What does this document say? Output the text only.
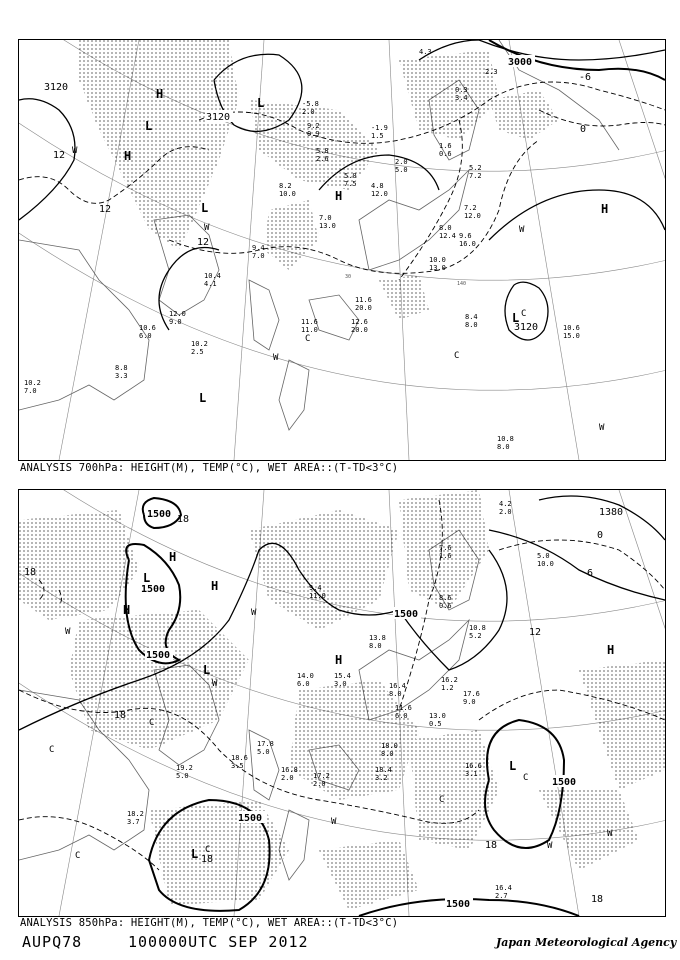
5.8
2.6
9.2
0.9
-5.8
2.0
5.0
7.5 4.8
12.0
8.2
10.0
7.0
13.0
9.4
7.0
10.4
4.1
11.6
20.0
12.6
20.0
10.6
6.0
12.0
9.0
10.2
2.5
8.8
3.3
10.2
7.0
11.6
11.0
8.4
8.0	10.6
15.0
10.8
8.0
10.0
13.0
9.6
16.0
8.0
12.4
7.2
12.0
5.2
7.2
2.0
5.0
1.6
0.6
-1.9
1.5
4.3
2.3
0.3
3.4
3120
3120
3000
3120
12
12
12
0
-6
30
140
H
H
H
H
L
L
L
L
L
W
W	W
W
W
C
C
C
ANALYSIS 700hPa: HEIGHT(M), TEMP(°C), WET AREA::(T-TD<3°C)
14.0
6.0
15.4
3.0
13.8
8.0
16.4
8.0	17.6
9.0
16.6
3.1
18.0
8.0
18.4
3.2
17.2
2.0
18.6
3.5
17.8
5.0
19.2
5.0
16.8
2.0
18.2
3.7
16.4
2.7
16.2
1.2
13.0
0.5
11.6
6.0
9.4
11.0
7.6
1.6
4.2
2.0
5.0
10.0
8.6
0.6
10.8
5.2
1500
1500
1500
1500
1500
1500
1500
1380
18
18
18
18
18
18
12
0
6
H
H
H
H
H
L
L
L
L
W
W
W
W
W
W
C
C
C
C
C
C
ANALYSIS 850hPa: HEIGHT(M), TEMP(°C), WET AREA::(T-TD<3°C)
AUPQ78	100000UTC SEP 2012	Japan Meteorological Agency
